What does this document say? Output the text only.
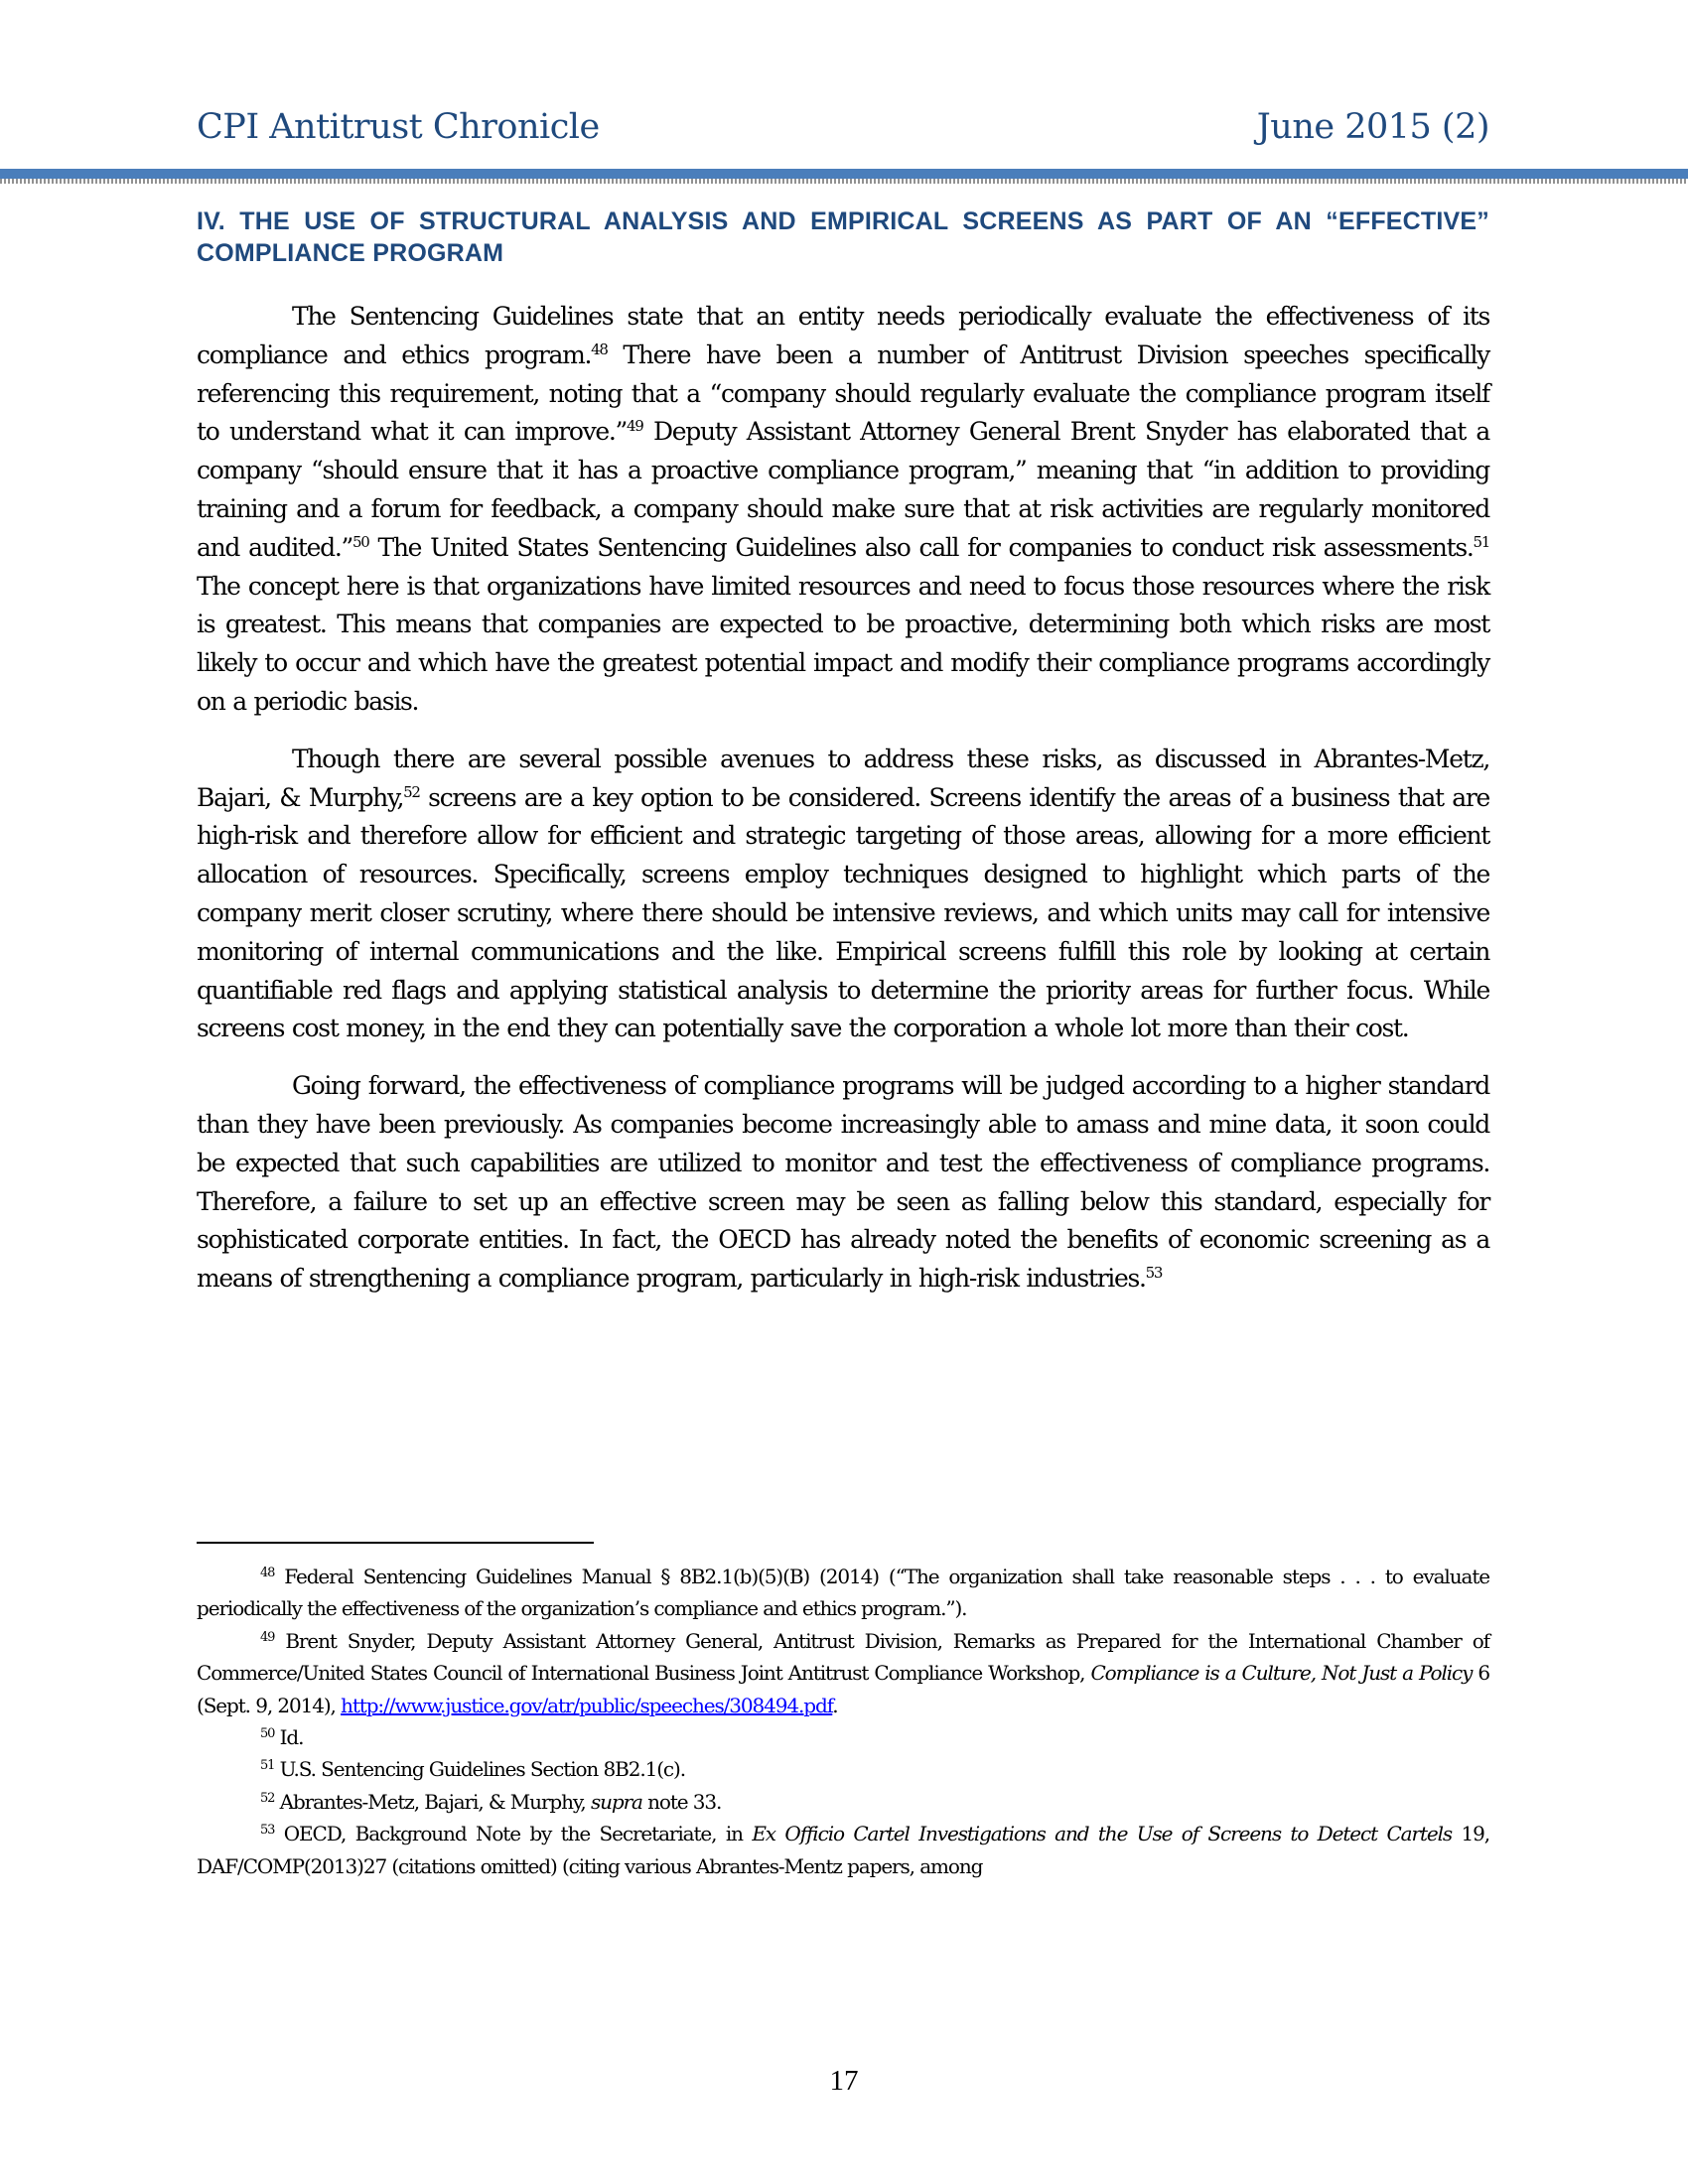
CPI Antitrust Chronicle	June 2015 (2)
IV. THE USE OF STRUCTURAL ANALYSIS AND EMPIRICAL SCREENS AS PART OF AN “EFFECTIVE” COMPLIANCE PROGRAM

The Sentencing Guidelines state that an entity needs periodically evaluate the effectiveness of its compliance and ethics program.$^{48}$ There have been a number of Antitrust Division speeches specifically referencing this requirement, noting that a “company should regularly evaluate the compliance program itself to understand what it can improve.”$^{49}$ Deputy Assistant Attorney General Brent Snyder has elaborated that a company “should ensure that it has a proactive compliance program,” meaning that “in addition to providing training and a forum for feedback, a company should make sure that at risk activities are regularly monitored and audited.”$^{50}$ The United States Sentencing Guidelines also call for companies to conduct risk assessments.$^{51}$ The concept here is that organizations have limited resources and need to focus those resources where the risk is greatest. This means that companies are expected to be proactive, determining both which risks are most likely to occur and which have the greatest potential impact and modify their compliance programs accordingly on a periodic basis.

Though there are several possible avenues to address these risks, as discussed in Abrantes-Metz, Bajari, & Murphy,$^{52}$ screens are a key option to be considered. Screens identify the areas of a business that are high-risk and therefore allow for efficient and strategic targeting of those areas, allowing for a more efficient allocation of resources. Specifically, screens employ techniques designed to highlight which parts of the company merit closer scrutiny, where there should be intensive reviews, and which units may call for intensive monitoring of internal communications and the like. Empirical screens fulfill this role by looking at certain quantifiable red flags and applying statistical analysis to determine the priority areas for further focus. While screens cost money, in the end they can potentially save the corporation a whole lot more than their cost.

Going forward, the effectiveness of compliance programs will be judged according to a higher standard than they have been previously. As companies become increasingly able to amass and mine data, it soon could be expected that such capabilities are utilized to monitor and test the effectiveness of compliance programs. Therefore, a failure to set up an effective screen may be seen as falling below this standard, especially for sophisticated corporate entities. In fact, the OECD has already noted the benefits of economic screening as a means of strengthening a compliance program, particularly in high-risk industries.$^{53}$

$^{48}$ Federal Sentencing Guidelines Manual § 8B2.1(b)(5)(B) (2014) (“The organization shall take reasonable steps . . . to evaluate periodically the effectiveness of the organization’s compliance and ethics program.”).

$^{49}$ Brent Snyder, Deputy Assistant Attorney General, Antitrust Division, Remarks as Prepared for the International Chamber of Commerce/United States Council of International Business Joint Antitrust Compliance Workshop, Compliance is a Culture, Not Just a Policy 6 (Sept. 9, 2014), http://www.justice.gov/atr/public/speeches/308494.pdf.

$^{50}$ Id.

$^{51}$ U.S. Sentencing Guidelines Section 8B2.1(c).

$^{52}$ Abrantes-Metz, Bajari, & Murphy, supra note 33.

$^{53}$ OECD, Background Note by the Secretariate, in Ex Officio Cartel Investigations and the Use of Screens to Detect Cartels 19, DAF/COMP(2013)27 (citations omitted) (citing various Abrantes-Mentz papers, among

17
